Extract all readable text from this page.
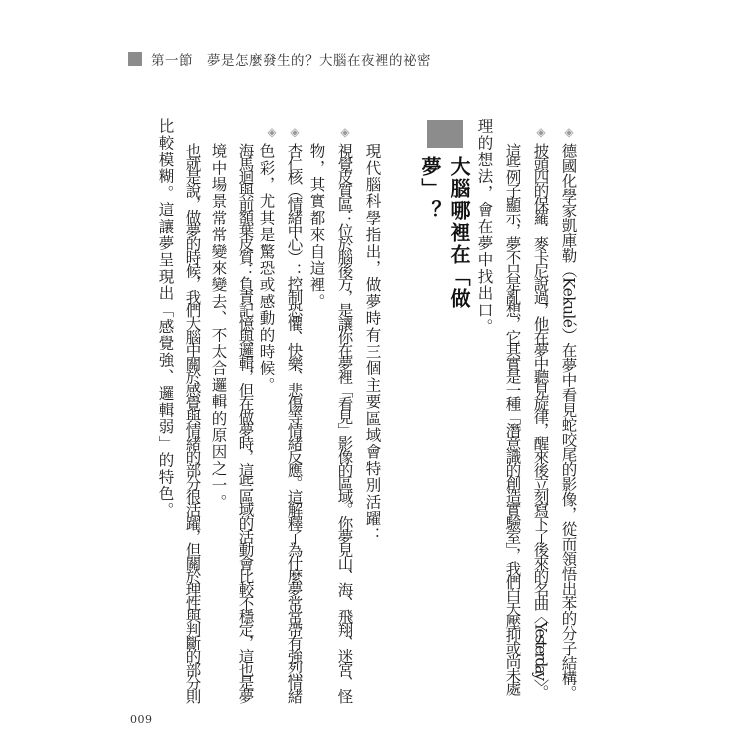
第一節　夢是怎麼發生的？大腦在夜裡的祕密
◈
德國化學家凱庫勒（Kekulé）在夢中看見蛇咬尾的影像，從而領悟出苯的分子結構。
◈
披頭四的保羅．麥卡尼說過，他在夢中聽見旋律，醒來後立刻寫下了後來的名曲〈Yesterday〉。
這些例子顯示，夢不只是亂想，它其實是一種「潛意識的創造實驗室」，我們白天壓抑或尚未處
理的想法，會在夢中找出口。
大腦哪裡在「做夢」？
現代腦科學指出，做夢時有三個主要區域會特別活躍：
◈
視覺皮質區：位於腦後方，是讓你在夢裡「看見」影像的區域。你夢見山、海、飛翔、迷宮、怪
物，其實都來自這裡。
◈
杏仁核（情緒中心）：控制恐懼、快樂、悲傷等情緒反應。這解釋了為什麼夢常常帶有強烈情緒
色彩，尤其是驚恐或感動的時候。
◈
海馬迴與前額葉皮質：負責記憶與邏輯，但在做夢時，這些區域的活動會比較不穩定，這也是夢
境中場景常常變來變去、不太合邏輯的原因之一。
也就是說，做夢的時候，我們大腦中關於感覺與情緒的部分很活躍，但關於理性與判斷的部分則
比較模糊。這讓夢呈現出「感覺強、邏輯弱」的特色。
009
